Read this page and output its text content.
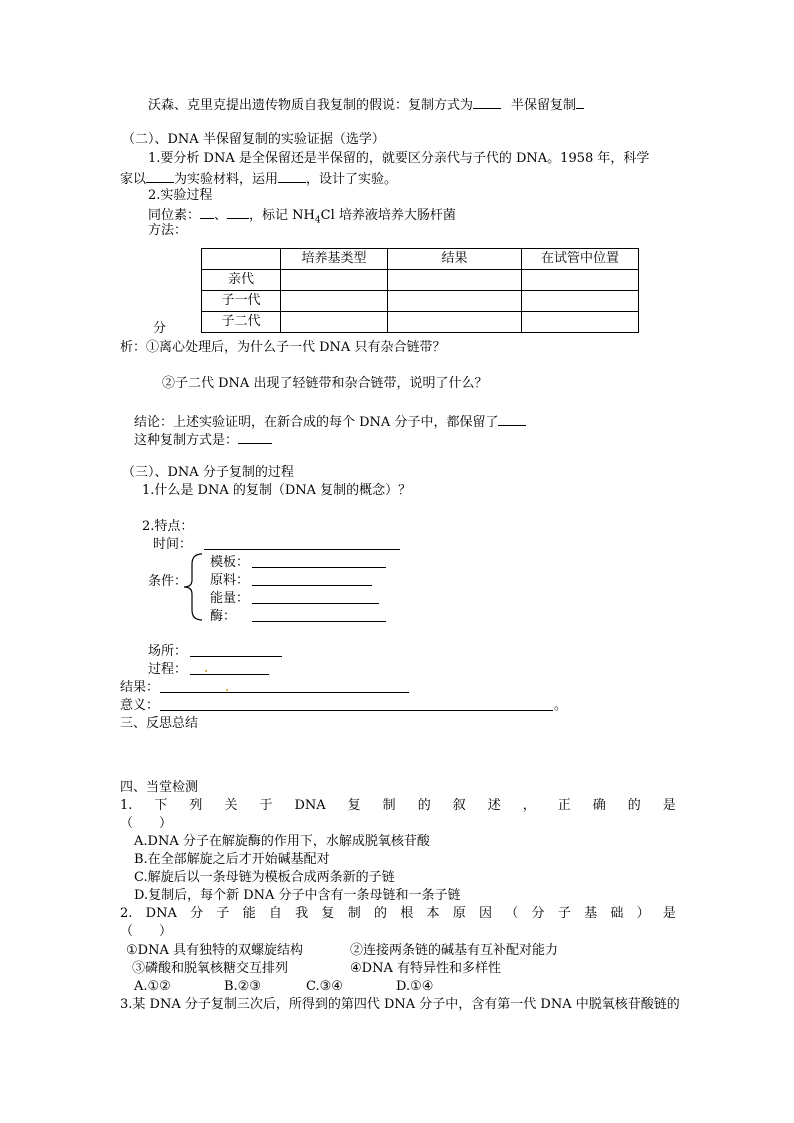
沃森、克里克提出遗传物质自我复制的假说：复制方式为	半保留复制
（二）、DNA 半保留复制的实验证据（选学）
1.要分析 DNA 是全保留还是半保留的，就要区分亲代与子代的 DNA。1958 年，科学
家以 为实验材料，运用 ，设计了实验。
2.实验过程
同位素： 、 ，标记 $NH_4Cl$ 培养液培养大肠杆菌
方法：
	培养基类型	结果	在试管中位置
亲代			
子一代			
子二代			
分
析：①离心处理后，为什么子一代 DNA 只有杂合链带？
②子二代 DNA 出现了轻链带和杂合链带，说明了什么？
结论：上述实验证明，在新合成的每个 DNA 分子中，都保留了
这种复制方式是：
（三）、DNA 分子复制的过程
1.什么是 DNA 的复制（DNA 复制的概念）？
2.特点：
时间：
条件：
模板：
原料：
能量：
酶：
场所：
过程：
结果：
意义：	。
三、反思总结
四、当堂检测
1. 下 列 关 于 DNA 复 制 的 叙 述 ， 正 确 的 是
（　　）
A.DNA 分子在解旋酶的作用下，水解成脱氧核苷酸
B.在全部解旋之后才开始碱基配对
C.解旋后以一条母链为模板合成两条新的子链
D.复制后，每个新 DNA 分子中含有一条母链和一条子链
2. DNA 分 子 能 自 我 复 制 的 根 本 原 因 （ 分 子 基 础 ） 是
（　　）
①DNA 具有独特的双螺旋结构	②连接两条链的碱基有互补配对能力
③磷酸和脱氧核糖交互排列	④DNA 有特异性和多样性
A.①②	B.②③	C.③④	D.①④
3.某 DNA 分子复制三次后，所得到的第四代 DNA 分子中，含有第一代 DNA 中脱氧核苷酸链的
